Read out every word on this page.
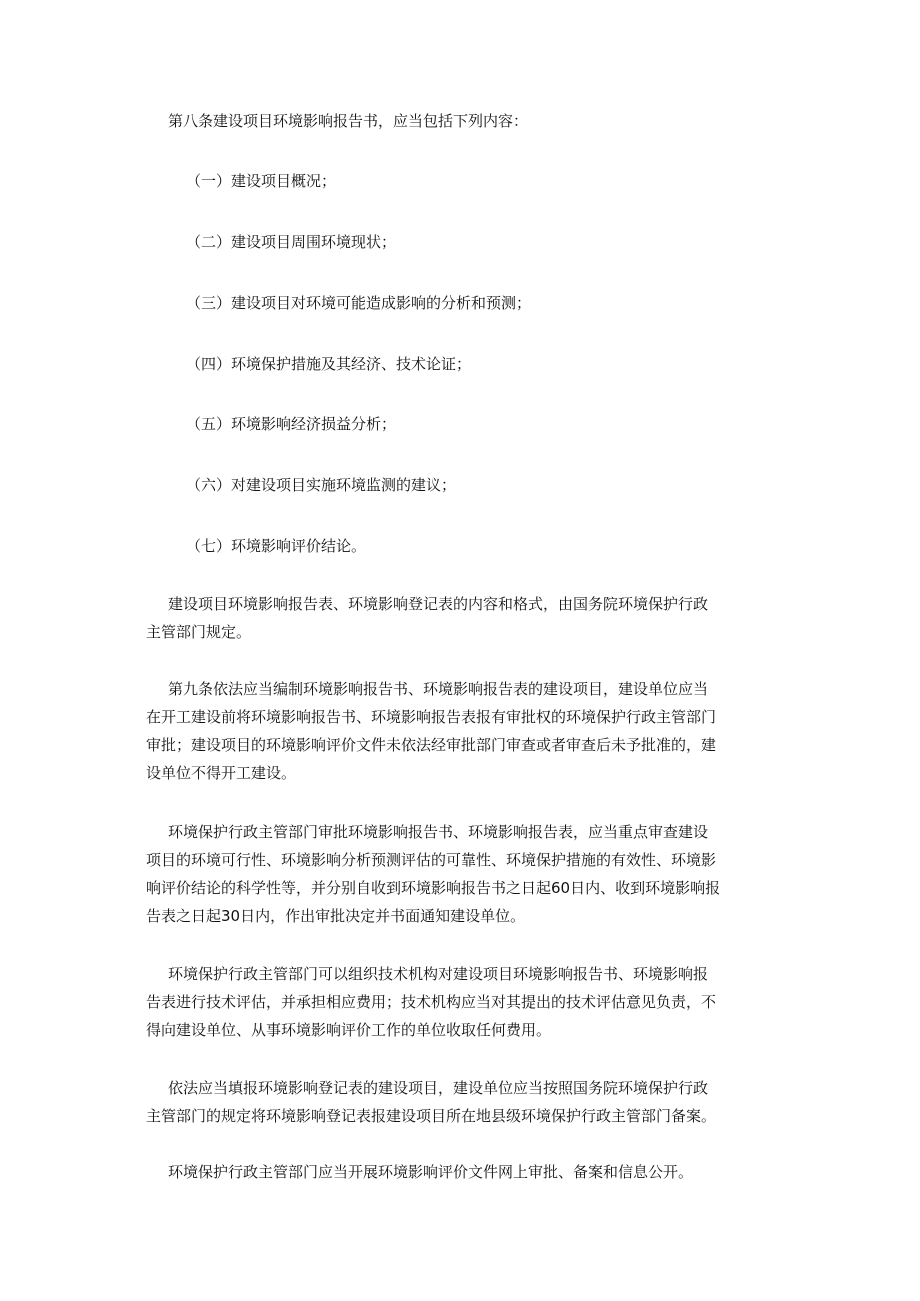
第八条建设项目环境影响报告书，应当包括下列内容：
（一）建设项目概况；
（二）建设项目周围环境现状；
（三）建设项目对环境可能造成影响的分析和预测；
（四）环境保护措施及其经济、技术论证；
（五）环境影响经济损益分析；
（六）对建设项目实施环境监测的建议；
（七）环境影响评价结论。
建设项目环境影响报告表、环境影响登记表的内容和格式，由国务院环境保护行政
主管部门规定。
第九条依法应当编制环境影响报告书、环境影响报告表的建设项目，建设单位应当
在开工建设前将环境影响报告书、环境影响报告表报有审批权的环境保护行政主管部门
审批；建设项目的环境影响评价文件未依法经审批部门审查或者审查后未予批准的，建
设单位不得开工建设。
环境保护行政主管部门审批环境影响报告书、环境影响报告表，应当重点审查建设
项目的环境可行性、环境影响分析预测评估的可靠性、环境保护措施的有效性、环境影
响评价结论的科学性等，并分别自收到环境影响报告书之日起60日内、收到环境影响报
告表之日起30日内，作出审批决定并书面通知建设单位。
环境保护行政主管部门可以组织技术机构对建设项目环境影响报告书、环境影响报
告表进行技术评估，并承担相应费用；技术机构应当对其提出的技术评估意见负责，不
得向建设单位、从事环境影响评价工作的单位收取任何费用。
依法应当填报环境影响登记表的建设项目，建设单位应当按照国务院环境保护行政
主管部门的规定将环境影响登记表报建设项目所在地县级环境保护行政主管部门备案。
环境保护行政主管部门应当开展环境影响评价文件网上审批、备案和信息公开。
